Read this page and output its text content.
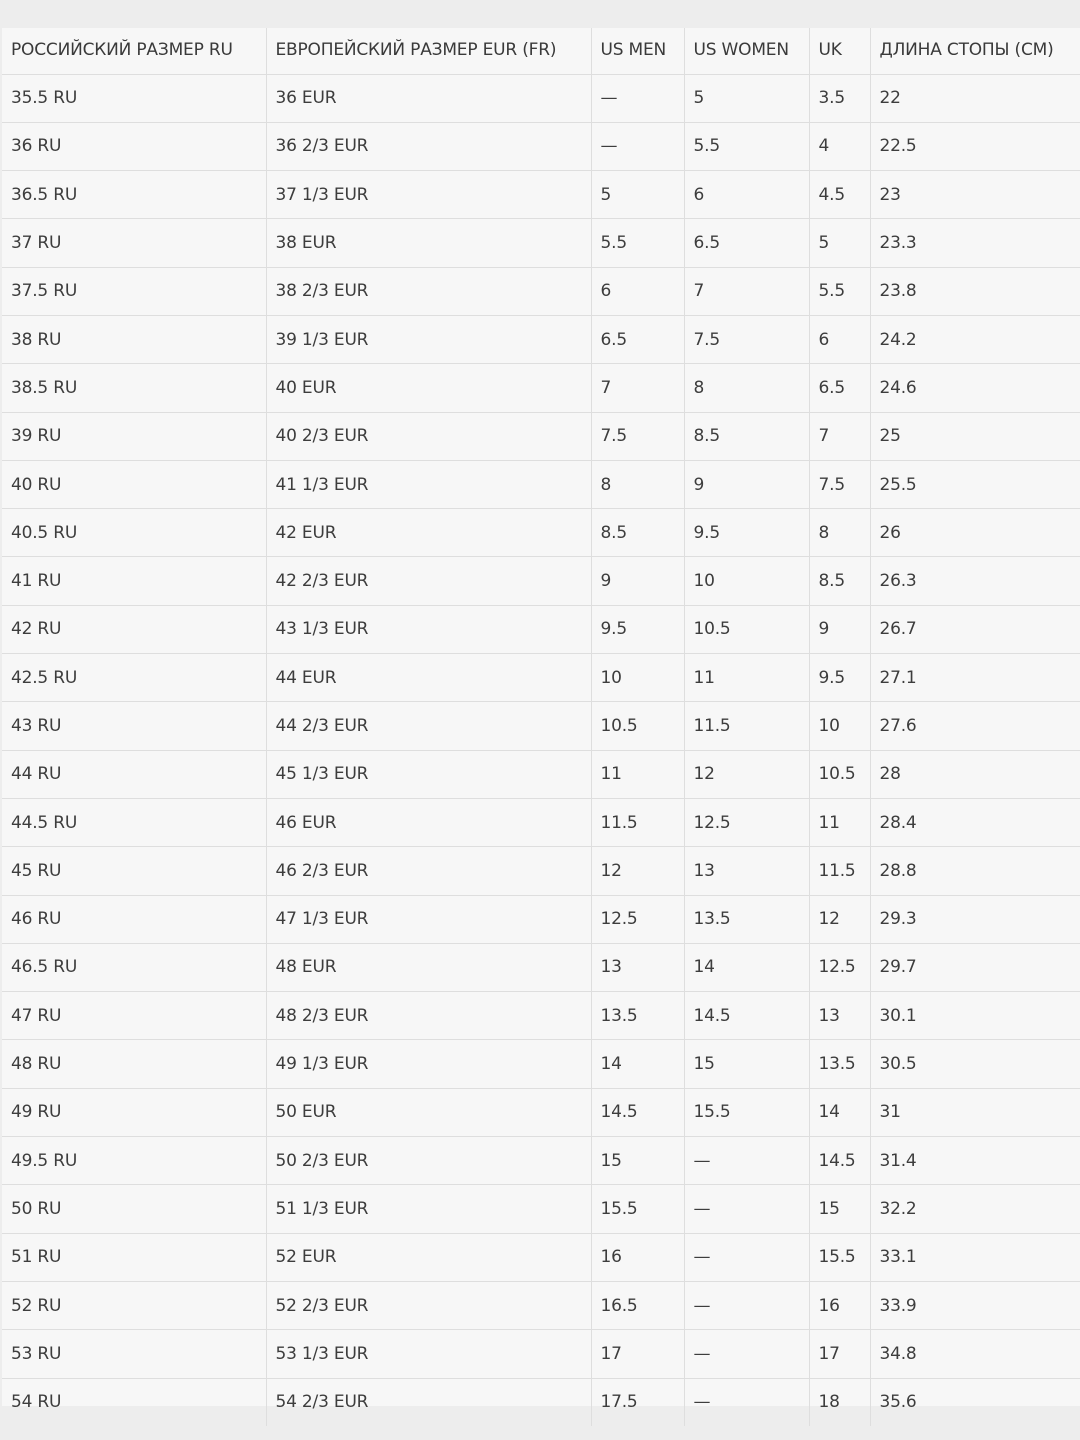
РОССИЙСКИЙ РАЗМЕР RU	ЕВРОПЕЙСКИЙ РАЗМЕР EUR (FR)	US MEN	US WOMEN	UK	ДЛИНА СТОПЫ (СМ)
35.5 RU	36 EUR	—	5	3.5	22
36 RU	36 2/3 EUR	—	5.5	4	22.5
36.5 RU	37 1/3 EUR	5	6	4.5	23
37 RU	38 EUR	5.5	6.5	5	23.3
37.5 RU	38 2/3 EUR	6	7	5.5	23.8
38 RU	39 1/3 EUR	6.5	7.5	6	24.2
38.5 RU	40 EUR	7	8	6.5	24.6
39 RU	40 2/3 EUR	7.5	8.5	7	25
40 RU	41 1/3 EUR	8	9	7.5	25.5
40.5 RU	42 EUR	8.5	9.5	8	26
41 RU	42 2/3 EUR	9	10	8.5	26.3
42 RU	43 1/3 EUR	9.5	10.5	9	26.7
42.5 RU	44 EUR	10	11	9.5	27.1
43 RU	44 2/3 EUR	10.5	11.5	10	27.6
44 RU	45 1/3 EUR	11	12	10.5	28
44.5 RU	46 EUR	11.5	12.5	11	28.4
45 RU	46 2/3 EUR	12	13	11.5	28.8
46 RU	47 1/3 EUR	12.5	13.5	12	29.3
46.5 RU	48 EUR	13	14	12.5	29.7
47 RU	48 2/3 EUR	13.5	14.5	13	30.1
48 RU	49 1/3 EUR	14	15	13.5	30.5
49 RU	50 EUR	14.5	15.5	14	31
49.5 RU	50 2/3 EUR	15	—	14.5	31.4
50 RU	51 1/3 EUR	15.5	—	15	32.2
51 RU	52 EUR	16	—	15.5	33.1
52 RU	52 2/3 EUR	16.5	—	16	33.9
53 RU	53 1/3 EUR	17	—	17	34.8
54 RU	54 2/3 EUR	17.5	—	18	35.6
